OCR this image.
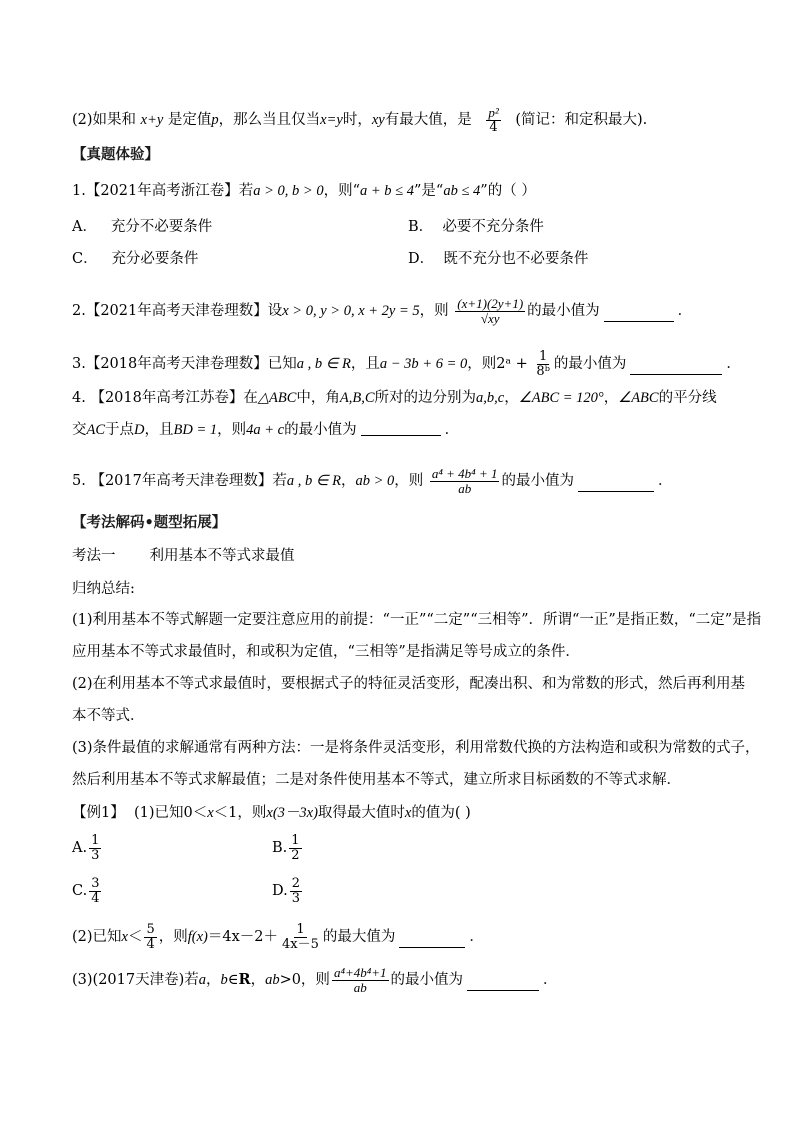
(2)如果和 x+y 是定值p，那么当且仅当x=y时，xy有最大值，是 $\frac{\text{p²}}{4}$ (简记：和定积最大).
【真题体验】
1.【2021年高考浙江卷】若a > 0, b > 0，则“a + b ≤ 4”是“ab ≤ 4”的（ ）
A． 充分不必要条件	B． 必要不充分条件
C． 充分必要条件	D． 既不充分也不必要条件
2.【2021年高考天津卷理数】设x > 0, y > 0, x + 2y = 5，则 $\frac{(x+1)(2y+1)}{√xy}$ 的最小值为	．
3.【2018年高考天津卷理数】已知a , b ∈ R，且a − 3b + 6 = 0，则2ᵃ + $\frac{1}{\text{8ᵇ}}$ 的最小值为	．
4. 【2018年高考江苏卷】在△ABC中，角A,B,C所对的边分别为a,b,c，∠ABC = 120°，∠ABC的平分线
交AC于点D，且BD = 1，则4a + c的最小值为	．
5. 【2017年高考天津卷理数】若a , b ∈ R，ab > 0，则 $\frac{\text{a⁴ + 4b⁴ + 1}}{ab}$ 的最小值为	．
【考法解码•题型拓展】
考法一 利用基本不等式求最值
归纳总结:
(1)利用基本不等式解题一定要注意应用的前提：“一正”“二定”“三相等”．所谓“一正”是指正数，“二定”是指
应用基本不等式求最值时，和或积为定值，“三相等”是指满足等号成立的条件．
(2)在利用基本不等式求最值时，要根据式子的特征灵活变形，配凑出积、和为常数的形式，然后再利用基
本不等式．
(3)条件最值的求解通常有两种方法：一是将条件灵活变形，利用常数代换的方法构造和或积为常数的式子，
然后利用基本不等式求解最值；二是对条件使用基本不等式，建立所求目标函数的不等式求解．
【例1】 (1)已知0＜x＜1，则x(3－3x)取得最大值时x的值为( )
A. $\frac{1}{3}$	B. $\frac{1}{2}$
C. $\frac{3}{4}$	D. $\frac{2}{3}$
(2)已知$x< \frac{5}{4}$ ，则$f(x)=4x-2+ \frac{1}{4x-5}$ 的最大值为	．
(3)(2017天津卷)若a，b∈R，ab>0，则 $\frac{\text{a⁴+4b⁴+1}}{ab}$ 的最小值为	．
